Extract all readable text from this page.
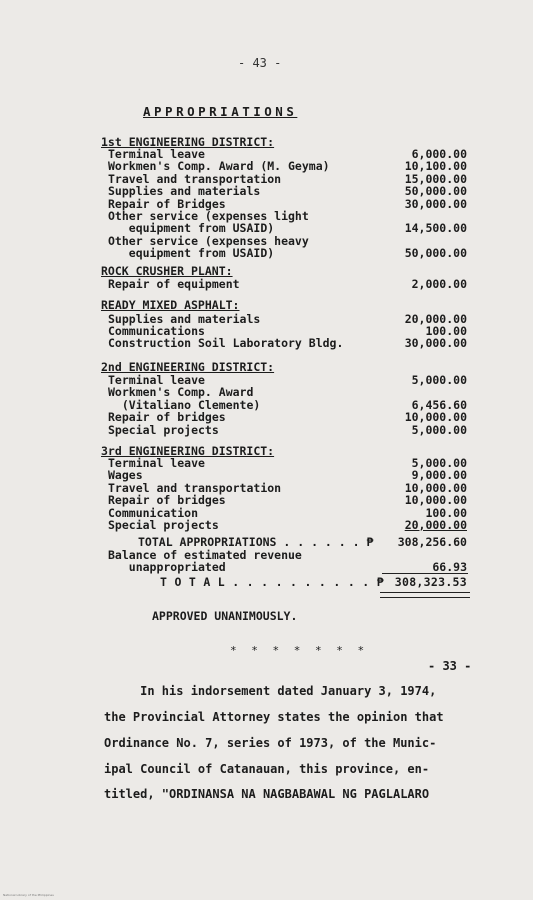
- 43 -
APPROPRIATIONS
1st ENGINEERING DISTRICT:
Terminal leave	6,000.00
Workmen's Comp. Award (M. Geyma)	10,100.00
Travel and transportation	15,000.00
Supplies and materials	50,000.00
Repair of Bridges	30,000.00
Other service (expenses light
equipment from USAID)	14,500.00
Other service (expenses heavy
equipment from USAID)	50,000.00
ROCK CRUSHER PLANT:
Repair of equipment	2,000.00
READY MIXED ASPHALT:
Supplies and materials	20,000.00
Communications	100.00
Construction Soil Laboratory Bldg.	30,000.00
2nd ENGINEERING DISTRICT:
Terminal leave	5,000.00
Workmen's Comp. Award
(Vitaliano Clemente)	6,456.60
Repair of bridges	10,000.00
Special projects	5,000.00
3rd ENGINEERING DISTRICT:
Terminal leave	5,000.00
Wages	9,000.00
Travel and transportation	10,000.00
Repair of bridges	10,000.00
Communication	100.00
Special projects	20,000.00
TOTAL APPROPRIATIONS . . . . . . ₱ 308,256.60
Balance of estimated revenue
unappropriated	66.93
T O T A L . . . . . . . . . . ₱ 308,323.53
APPROVED UNANIMOUSLY.
* * * * * * *
- 33 -
In his indorsement dated January 3, 1974,
the Provincial Attorney states the opinion that
Ordinance No. 7, series of 1973, of the Munic-
ipal Council of Catanauan, this province, en-
titled, "ORDINANSA NA NAGBABAWAL NG PAGLALARO
National Library of the Philippines
